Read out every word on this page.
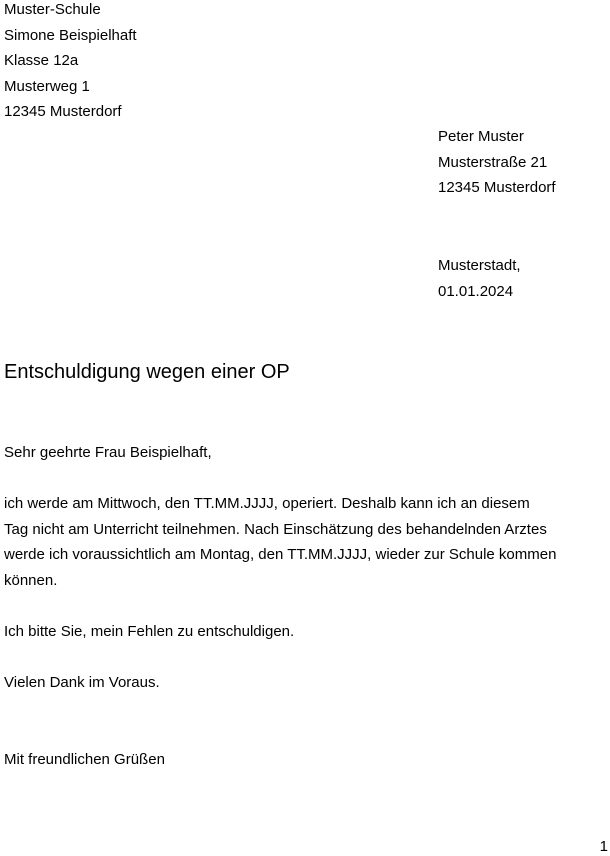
Muster-Schule
Simone Beispielhaft
Klasse 12a
Musterweg 1
12345 Musterdorf
Peter Muster
Musterstraße 21
12345 Musterdorf
Musterstadt,
01.01.2024
Entschuldigung wegen einer OP
Sehr geehrte Frau Beispielhaft,
ich werde am Mittwoch, den TT.MM.JJJJ, operiert. Deshalb kann ich an diesem
Tag nicht am Unterricht teilnehmen. Nach Einschätzung des behandelnden Arztes
werde ich voraussichtlich am Montag, den TT.MM.JJJJ, wieder zur Schule kommen
können.
Ich bitte Sie, mein Fehlen zu entschuldigen.
Vielen Dank im Voraus.
Mit freundlichen Grüßen
1
